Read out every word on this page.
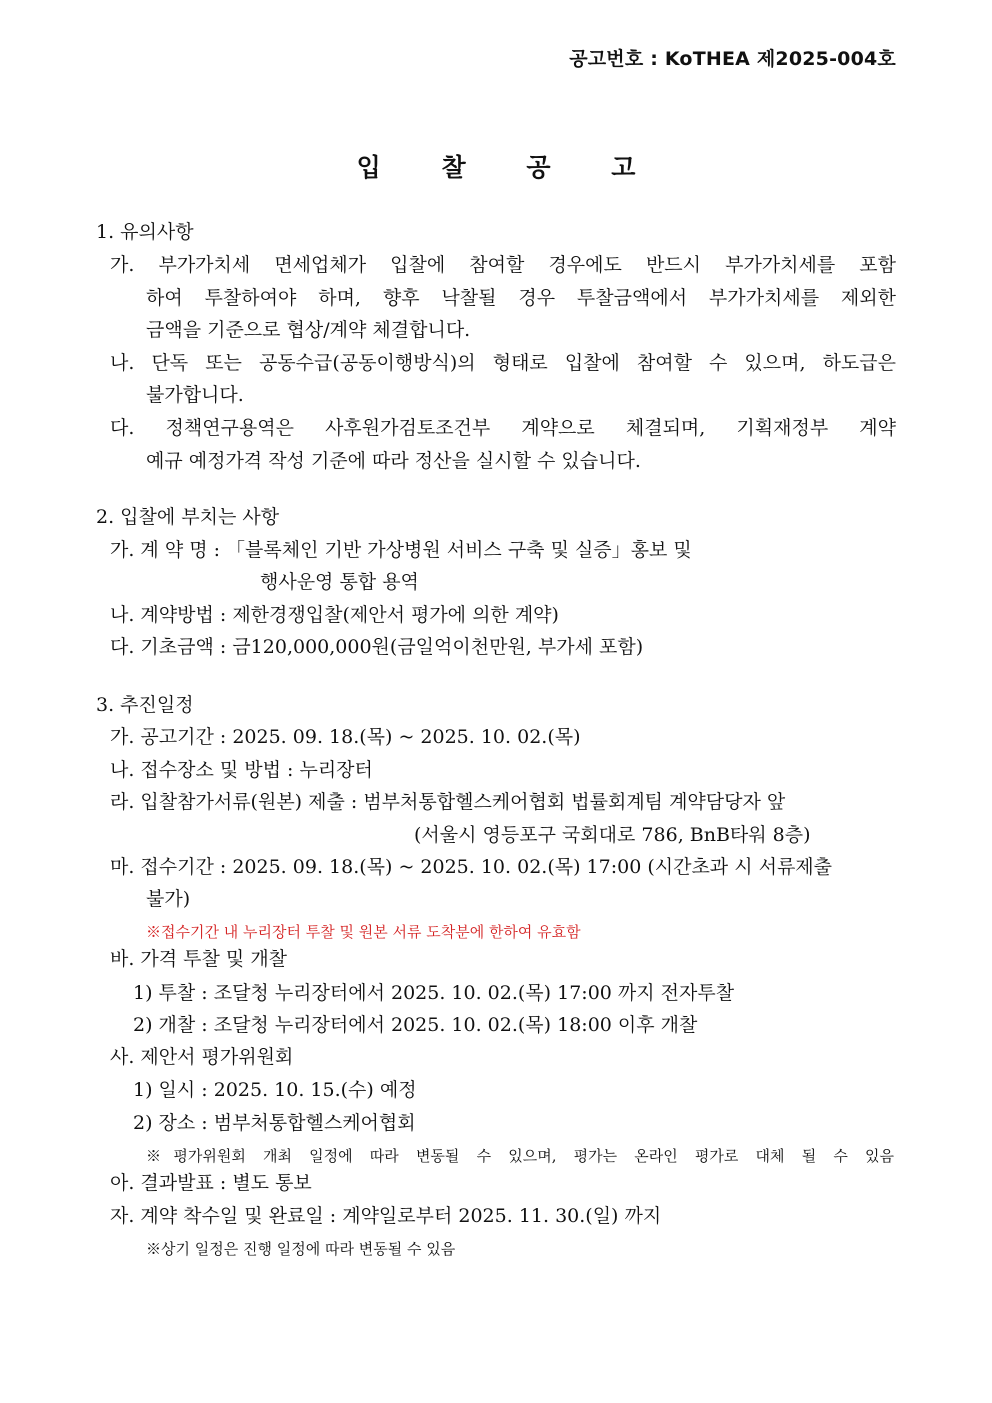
공고번호 : KoTHEA 제2025-004호
입 찰 공 고
1. 유의사항
가. 부가가치세 면세업체가 입찰에 참여할 경우에도 반드시 부가가치세를 포함
하여 투찰하여야 하며, 향후 낙찰될 경우 투찰금액에서 부가가치세를 제외한
금액을 기준으로 협상/계약 체결합니다.
나. 단독 또는 공동수급(공동이행방식)의 형태로 입찰에 참여할 수 있으며, 하도급은
불가합니다.
다. 정책연구용역은 사후원가검토조건부 계약으로 체결되며, 기획재정부 계약
예규 예정가격 작성 기준에 따라 정산을 실시할 수 있습니다.
2. 입찰에 부치는 사항
가. 계 약 명 : 「블록체인 기반 가상병원 서비스 구축 및 실증」홍보 및
행사운영 통합 용역
나. 계약방법 : 제한경쟁입찰(제안서 평가에 의한 계약)
다. 기초금액 : 금120,000,000원(금일억이천만원, 부가세 포함)
3. 추진일정
가. 공고기간 : 2025. 09. 18.(목) ~ 2025. 10. 02.(목)
나. 접수장소 및 방법 : 누리장터
라. 입찰참가서류(원본) 제출 : 범부처통합헬스케어협회 법률회계팀 계약담당자 앞
(서울시 영등포구 국회대로 786, BnB타워 8층)
마. 접수기간 : 2025. 09. 18.(목) ~ 2025. 10. 02.(목) 17:00 (시간초과 시 서류제출
불가)
※접수기간 내 누리장터 투찰 및 원본 서류 도착분에 한하여 유효함
바. 가격 투찰 및 개찰
1) 투찰 : 조달청 누리장터에서 2025. 10. 02.(목) 17:00 까지 전자투찰
2) 개찰 : 조달청 누리장터에서 2025. 10. 02.(목) 18:00 이후 개찰
사. 제안서 평가위원회
1) 일시 : 2025. 10. 15.(수) 예정
2) 장소 : 범부처통합헬스케어협회
※평가위원회 개최 일정에 따라 변동될 수 있으며, 평가는 온라인 평가로 대체 될 수 있음
아. 결과발표 : 별도 통보
자. 계약 착수일 및 완료일 : 계약일로부터 2025. 11. 30.(일) 까지
※상기 일정은 진행 일정에 따라 변동될 수 있음
